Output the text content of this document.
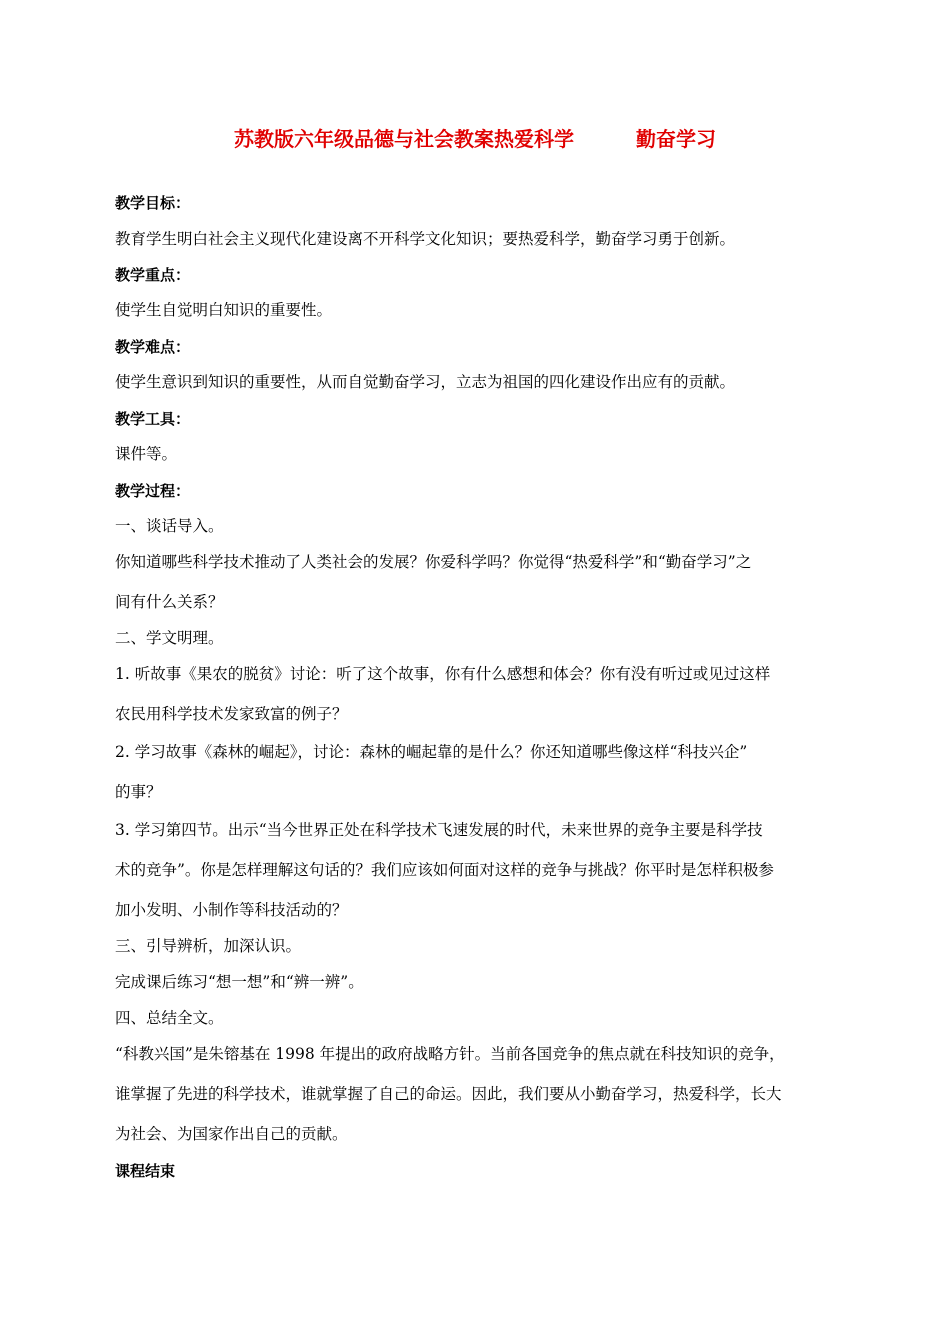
苏教版六年级品德与社会教案热爱科学	勤奋学习
教学目标：
教育学生明白社会主义现代化建设离不开科学文化知识；要热爱科学，勤奋学习勇于创新。
教学重点：
使学生自觉明白知识的重要性。
教学难点：
使学生意识到知识的重要性，从而自觉勤奋学习，立志为祖国的四化建设作出应有的贡献。
教学工具：
课件等。
教学过程：
一、谈话导入。
你知道哪些科学技术推动了人类社会的发展？你爱科学吗？你觉得“热爱科学”和“勤奋学习”之
间有什么关系？
二、学文明理。
1. 听故事《果农的脱贫》讨论：听了这个故事，你有什么感想和体会？你有没有听过或见过这样
农民用科学技术发家致富的例子？
2. 学习故事《森林的崛起》，讨论：森林的崛起靠的是什么？你还知道哪些像这样“科技兴企”
的事？
3. 学习第四节。出示“当今世界正处在科学技术飞速发展的时代，未来世界的竞争主要是科学技
术的竞争”。你是怎样理解这句话的？我们应该如何面对这样的竞争与挑战？你平时是怎样积极参
加小发明、小制作等科技活动的？
三、引导辨析，加深认识。
完成课后练习“想一想”和“辨一辨”。
四、总结全文。
“科教兴国”是朱镕基在 1998 年提出的政府战略方针。当前各国竞争的焦点就在科技知识的竞争，
谁掌握了先进的科学技术，谁就掌握了自己的命运。因此，我们要从小勤奋学习，热爱科学，长大
为社会、为国家作出自己的贡献。
课程结束
